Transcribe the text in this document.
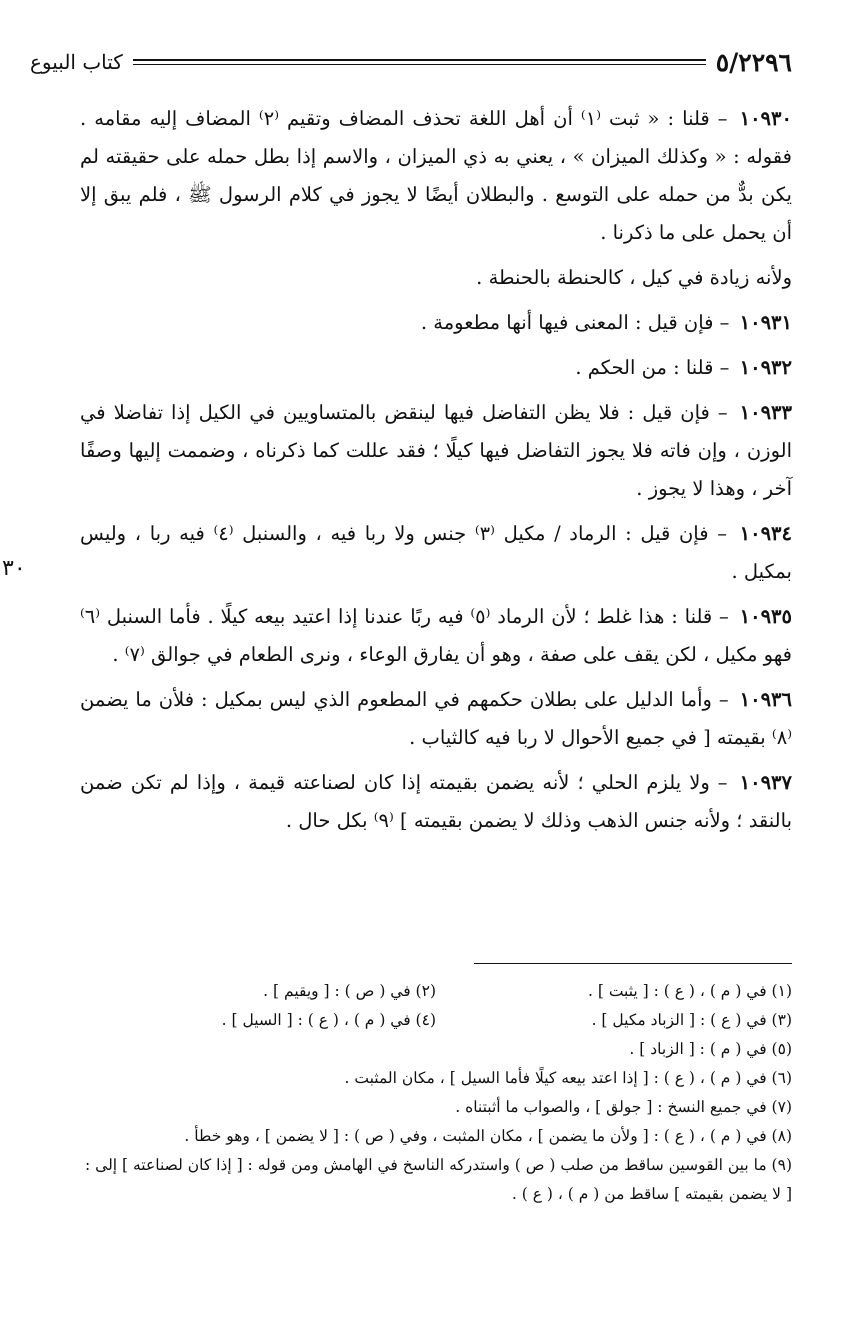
٥/٢٢٩٦
كتاب البيوع
٣٠

١٠٩٣٠ – قلنا : « ثبت ⁽١⁾ أن أهل اللغة تحذف المضاف وتقيم ⁽٢⁾ المضاف إليه مقامه . فقوله : « وكذلك الميزان » ، يعني به ذي الميزان ، والاسم إذا بطل حمله على حقيقته لم يكن بدٌّ من حمله على التوسع . والبطلان أيضًا لا يجوز في كلام الرسول ﷺ ، فلم يبق إلا أن يحمل على ما ذكرنا .

ولأنه زيادة في كيل ، كالحنطة بالحنطة .

١٠٩٣١ – فإن قيل : المعنى فيها أنها مطعومة .

١٠٩٣٢ – قلنا : من الحكم .

١٠٩٣٣ – فإن قيل : فلا يظن التفاضل فيها لينقض بالمتساويين في الكيل إذا تفاضلا في الوزن ، وإن فاته فلا يجوز التفاضل فيها كيلًا ؛ فقد عللت كما ذكرناه ، وضممت إليها وصفًا آخر ، وهذا لا يجوز .

١٠٩٣٤ – فإن قيل : الرماد / مكيل ⁽٣⁾ جنس ولا ربا فيه ، والسنبل ⁽٤⁾ فيه ربا ، وليس بمكيل .

١٠٩٣٥ – قلنا : هذا غلط ؛ لأن الرماد ⁽٥⁾ فيه ربًا عندنا إذا اعتيد بيعه كيلًا . فأما السنبل ⁽٦⁾ فهو مكيل ، لكن يقف على صفة ، وهو أن يفارق الوعاء ، ونرى الطعام في جوالق ⁽٧⁾ .

١٠٩٣٦ – وأما الدليل على بطلان حكمهم في المطعوم الذي ليس بمكيل : فلأن ما يضمن ⁽٨⁾ بقيمته [ في جميع الأحوال لا ربا فيه كالثياب .

١٠٩٣٧ – ولا يلزم الحلي ؛ لأنه يضمن بقيمته إذا كان لصناعته قيمة ، وإذا لم تكن ضمن بالنقد ؛ ولأنه جنس الذهب وذلك لا يضمن بقيمته ] ⁽٩⁾ بكل حال .

(١) في ( م ) ، ( ع ) : [ يثبت ] .
(٢) في ( ص ) : [ ويقيم ] .
(٣) في ( ع ) : [ الزباد مكيل ] .
(٤) في ( م ) ، ( ع ) : [ السيل ] .

(٥) في ( م ) : [ الزباد ] .

(٦) في ( م ) ، ( ع ) : [ إذا اعتد بيعه كيلًا فأما السيل ] ، مكان المثبت .

(٧) في جميع النسخ : [ جولق ] ، والصواب ما أثبتناه .

(٨) في ( م ) ، ( ع ) : [ ولأن ما يضمن ] ، مكان المثبت ، وفي ( ص ) : [ لا يضمن ] ، وهو خطأ .

(٩) ما بين القوسين ساقط من صلب ( ص ) واستدركه الناسخ في الهامش ومن قوله : [ إذا كان لصناعته ] إلى : [ لا يضمن بقيمته ] ساقط من ( م ) ، ( ع ) .
